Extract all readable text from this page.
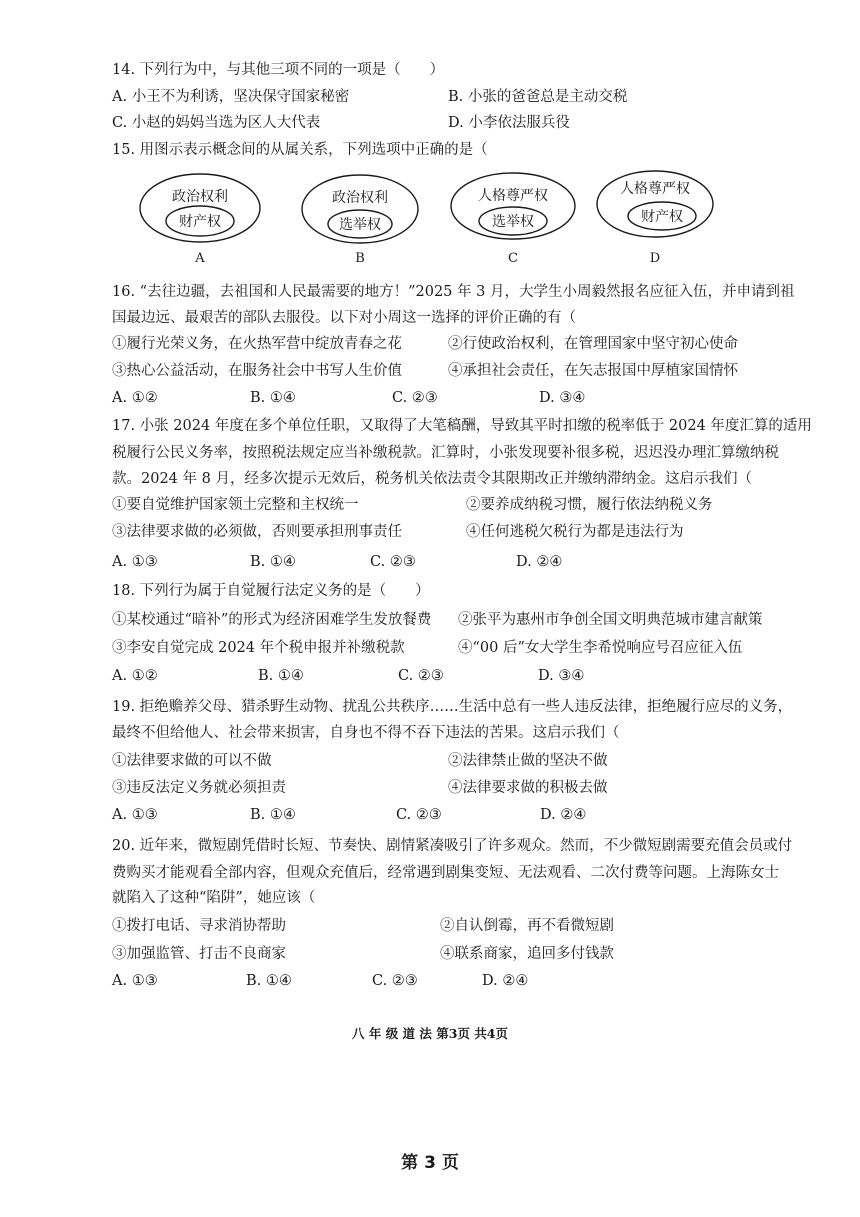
14. 下列行为中，与其他三项不同的一项是（　　）
A. 小王不为利诱，坚决保守国家秘密	B. 小张的爸爸总是主动交税
C. 小赵的妈妈当选为区人大代表	D. 小李依法服兵役
15. 用图示表示概念间的从属关系，下列选项中正确的是（
政治权利
财产权
A
政治权利
选举权
B
人格尊严权
选举权
C
人格尊严权
财产权
D
16. “去往边疆，去祖国和人民最需要的地方！”2025 年 3 月，大学生小周毅然报名应征入伍，并申请到祖
国最边远、最艰苦的部队去服役。以下对小周这一选择的评价正确的有（
①履行光荣义务，在火热军营中绽放青春之花	②行使政治权利，在管理国家中坚守初心使命
③热心公益活动，在服务社会中书写人生价值	④承担社会责任，在矢志报国中厚植家国情怀
A. ①②	B. ①④	C. ②③	D. ③④
17. 小张 2024 年度在多个单位任职，又取得了大笔稿酬，导致其平时扣缴的税率低于 2024 年度汇算的适用
税履行公民义务率，按照税法规定应当补缴税款。汇算时，小张发现要补很多税，迟迟没办理汇算缴纳税
款。2024 年 8 月，经多次提示无效后，税务机关依法责令其限期改正并缴纳滞纳金。这启示我们（
①要自觉维护国家领土完整和主权统一	②要养成纳税习惯，履行依法纳税义务
③法律要求做的必须做，否则要承担刑事责任	④任何逃税欠税行为都是违法行为
A. ①③	B. ①④	C. ②③	D. ②④
18. 下列行为属于自觉履行法定义务的是（　　）
①某校通过“暗补”的形式为经济困难学生发放餐费 ②张平为惠州市争创全国文明典范城市建言献策
③李安自觉完成 2024 年个税申报并补缴税款	④“00 后”女大学生李希悦响应号召应征入伍
A. ①②	B. ①④	C. ②③	D. ③④
19. 拒绝赡养父母、猎杀野生动物、扰乱公共秩序……生活中总有一些人违反法律，拒绝履行应尽的义务，
最终不但给他人、社会带来损害，自身也不得不吞下违法的苦果。这启示我们（
①法律要求做的可以不做	②法律禁止做的坚决不做
③违反法定义务就必须担责	④法律要求做的积极去做
A. ①③	B. ①④	C. ②③	D. ②④
20. 近年来，微短剧凭借时长短、节奏快、剧情紧凑吸引了许多观众。然而，不少微短剧需要充值会员或付
费购买才能观看全部内容，但观众充值后，经常遇到剧集变短、无法观看、二次付费等问题。上海陈女士
就陷入了这种“陷阱”，她应该（
①拨打电话、寻求消协帮助	②自认倒霉，再不看微短剧
③加强监管、打击不良商家	④联系商家，追回多付钱款
A. ①③	B. ①④	C. ②③	D. ②④
八 年 级 道 法 第3页 共4页
第 3 页
